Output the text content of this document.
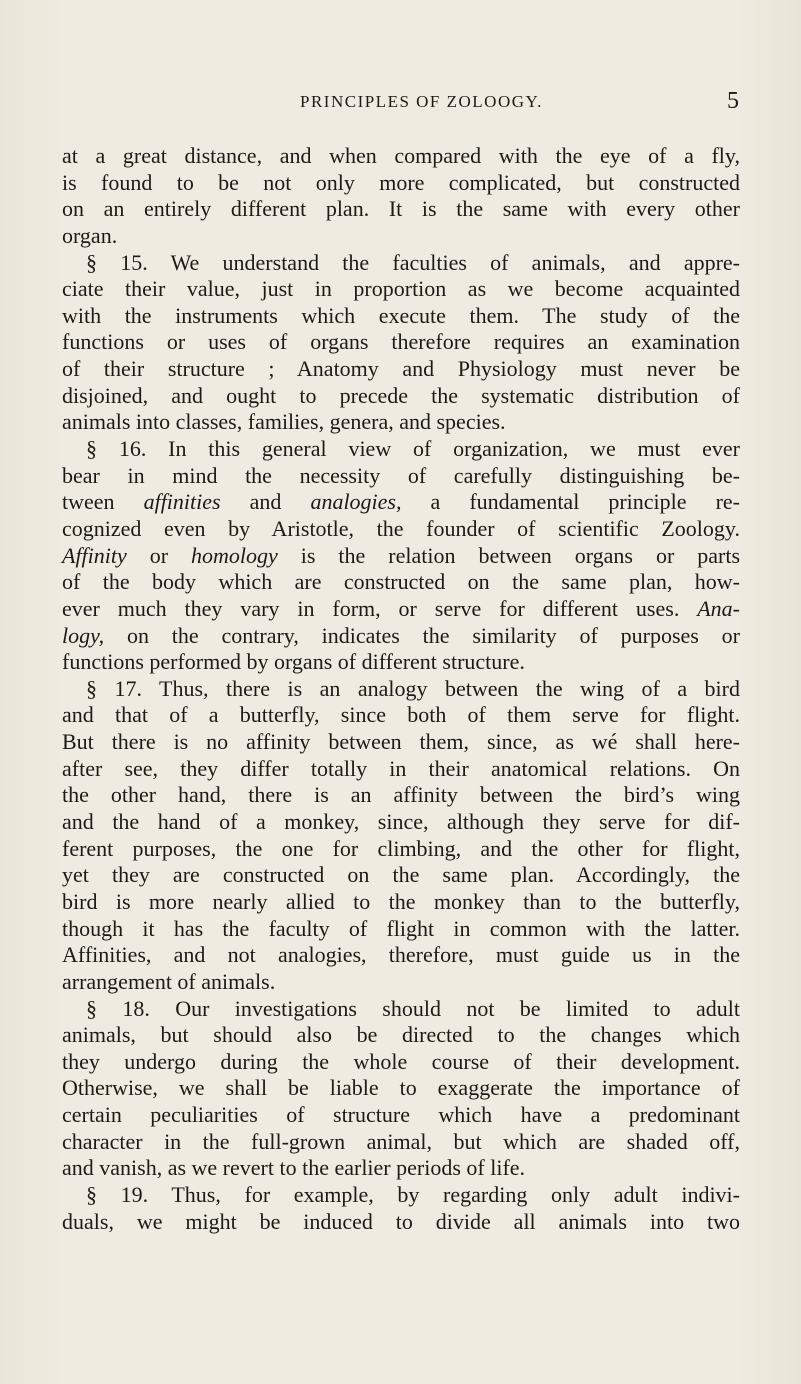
PRINCIPLES OF ZOLOOGY.	5
at a great distance, and when compared with the eye of a fly,
is found to be not only more complicated, but constructed
on an entirely different plan. It is the same with every other
organ.
§ 15. We understand the faculties of animals, and appre-
ciate their value, just in proportion as we become acquainted
with the instruments which execute them. The study of the
functions or uses of organs therefore requires an examination
of their structure ; Anatomy and Physiology must never be
disjoined, and ought to precede the systematic distribution of
animals into classes, families, genera, and species.
§ 16. In this general view of organization, we must ever
bear in mind the necessity of carefully distinguishing be-
tween affinities and analogies, a fundamental principle re-
cognized even by Aristotle, the founder of scientific Zoology.
Affinity or homology is the relation between organs or parts
of the body which are constructed on the same plan, how-
ever much they vary in form, or serve for different uses. Ana-
logy, on the contrary, indicates the similarity of purposes or
functions performed by organs of different structure.
§ 17. Thus, there is an analogy between the wing of a bird
and that of a butterfly, since both of them serve for flight.
But there is no affinity between them, since, as wé shall here-
after see, they differ totally in their anatomical relations. On
the other hand, there is an affinity between the bird’s wing
and the hand of a monkey, since, although they serve for dif-
ferent purposes, the one for climbing, and the other for flight,
yet they are constructed on the same plan. Accordingly, the
bird is more nearly allied to the monkey than to the butterfly,
though it has the faculty of flight in common with the latter.
Affinities, and not analogies, therefore, must guide us in the
arrangement of animals.
§ 18. Our investigations should not be limited to adult
animals, but should also be directed to the changes which
they undergo during the whole course of their development.
Otherwise, we shall be liable to exaggerate the importance of
certain peculiarities of structure which have a predominant
character in the full-grown animal, but which are shaded off,
and vanish, as we revert to the earlier periods of life.
§ 19. Thus, for example, by regarding only adult indivi-
duals, we might be induced to divide all animals into two
